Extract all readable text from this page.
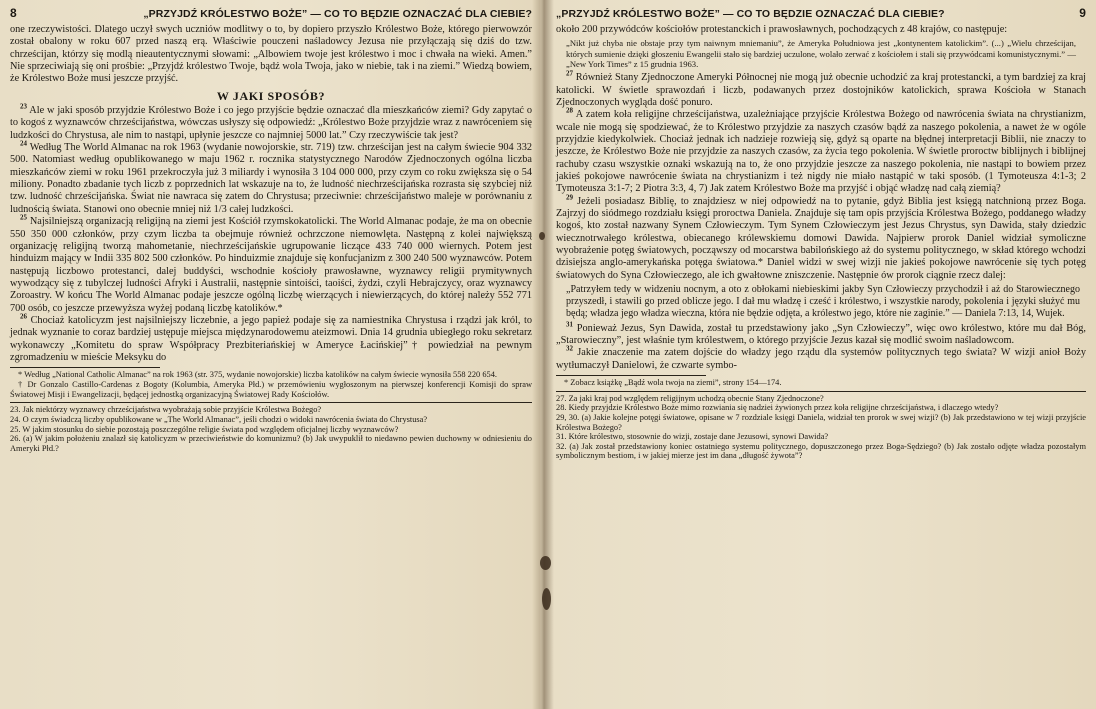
8	„PRZYJDŹ KRÓLESTWO BOŻE” — CO TO BĘDZIE OZNACZAĆ DLA CIEBIE?

one rzeczywistości. Dlatego uczył swych uczniów modlitwy o to, by dopiero przyszło Królestwo Boże, którego pierwowzór został obalony w roku 607 przed naszą erą. Właściwie pouczeni naśladowcy Jezusa nie przyłączają się dziś do tzw. chrześcijan, którzy się modlą nieautentycznymi słowami: „Albowiem twoje jest królestwo i moc i chwała na wieki. Amen.” Nie sprzeciwiają się oni prośbie: „Przyjdź królestwo Twoje, bądź wola Twoja, jako w niebie, tak i na ziemi.” Wiedzą bowiem, że Królestwo Boże musi jeszcze przyjść.

W JAKI SPOSÓB?

$^{23}$ Ale w jaki sposób przyjdzie Królestwo Boże i co jego przyjście będzie oznaczać dla mieszkańców ziemi? Gdy zapytać o to kogoś z wyznawców chrześcijaństwa, wówczas usłyszy się odpowiedź: „Królestwo Boże przyjdzie wraz z nawróceniem się ludzkości do Chrystusa, ale nim to nastąpi, upłynie jeszcze co najmniej 5000 lat.” Czy rzeczywiście tak jest?

$^{24}$ Według The World Almanac na rok 1963 (wydanie nowojorskie, str. 719) tzw. chrześcijan jest na całym świecie 904 332 500. Natomiast według opublikowanego w maju 1962 r. rocznika statystycznego Narodów Zjednoczonych ogólna liczba mieszkańców ziemi w roku 1961 przekroczyła już 3 miliardy i wynosiła 3 104 000 000, przy czym co roku zwiększa się o 54 miliony. Ponadto zbadanie tych liczb z poprzednich lat wskazuje na to, że ludność niechrześcijańska rozrasta się szybciej niż tzw. ludność chrześcijańska. Świat nie nawraca się zatem do Chrystusa; przeciwnie: chrześcijaństwo maleje w porównaniu z ludnością świata. Stanowi ono obecnie mniej niż 1/3 całej ludzkości.

$^{25}$ Najsilniejszą organizacją religijną na ziemi jest Kościół rzymskokatolicki. The World Almanac podaje, że ma on obecnie 550 350 000 członków, przy czym liczba ta obejmuje również ochrzczone niemowlęta. Następną z kolei największą organizację religijną tworzą mahometanie, niechrześcijańskie ugrupowanie liczące 433 740 000 wiernych. Potem jest hinduizm mający w Indii 335 802 500 członków. Po hinduizmie znajduje się konfucjanizm z 300 240 500 wyznawców. Potem następują liczbowo protestanci, dalej buddyści, wschodnie kościoły prawosławne, wyznawcy religii prymitywnych wywodzący się z tubylczej ludności Afryki i Australii, następnie sintoiści, taoiści, żydzi, czyli Hebrajczycy, oraz wyznawcy Zoroastry. W końcu The World Almanac podaje jeszcze ogólną liczbę wierzących i niewierzących, do której należy 552 771 700 osób, co jeszcze przewyższa wyżej podaną liczbę katolików.*

$^{26}$ Chociaż katolicyzm jest najsilniejszy liczebnie, a jego papież podaje się za namiestnika Chrystusa i rządzi jak król, to jednak wyznanie to coraz bardziej ustępuje miejsca międzynarodowemu ateizmowi. Dnia 14 grudnia ubiegłego roku sekretarz wykonawczy „Komitetu do spraw Współpracy Prezbiteriańskiej w Ameryce Łacińskiej”† powiedział na pewnym zgromadzeniu w mieście Meksyku do

* Według „National Catholic Almanac” na rok 1963 (str. 375, wydanie nowojorskie) liczba katolików na całym świecie wynosiła 558 220 654.

† Dr Gonzalo Castillo-Cardenas z Bogoty (Kolumbia, Ameryka Płd.) w przemówieniu wygłoszonym na pierwszej konferencji Komisji do spraw Światowej Misji i Ewangelizacji, będącej jednostką organizacyjną Światowej Rady Kościołów.

23. Jak niektórzy wyznawcy chrześcijaństwa wyobrażają sobie przyjście Królestwa Bożego?

24. O czym świadczą liczby opublikowane w „The World Almanac”, jeśli chodzi o widoki nawrócenia świata do Chrystusa?

25. W jakim stosunku do siebie pozostają poszczególne religie świata pod względem oficjalnej liczby wyznawców?

26. (a) W jakim położeniu znalazł się katolicyzm w przeciwieństwie do komunizmu? (b) Jak uwypuklił to niedawno pewien duchowny w odniesieniu do Ameryki Płd.?

„PRZYJDŹ KRÓLESTWO BOŻE” — CO TO BĘDZIE OZNACZAĆ DLA CIEBIE?	9

około 200 przywódców kościołów protestanckich i prawosławnych, pochodzących z 48 krajów, co następuje:

„Nikt już chyba nie obstaje przy tym naiwnym mniemaniu”, że Ameryka Południowa jest „kontynentem katolickim”. (...) „Wielu chrześcijan, których sumienie dzięki głoszeniu Ewangelii stało się bardziej uczulone, wolało zerwać z kościołem i stali się przywódcami komunistycznymi.” — „New York Times” z 15 grudnia 1963.

$^{27}$ Również Stany Zjednoczone Ameryki Północnej nie mogą już obecnie uchodzić za kraj protestancki, a tym bardziej za kraj katolicki. W świetle sprawozdań i liczb, podawanych przez dostojników katolickich, sprawa Kościoła w Stanach Zjednoczonych wygląda dość ponuro.

$^{28}$ A zatem koła religijne chrześcijaństwa, uzależniające przyjście Królestwa Bożego od nawrócenia świata na chrystianizm, wcale nie mogą się spodziewać, że to Królestwo przyjdzie za naszych czasów bądź za naszego pokolenia, a nawet że w ogóle przyjdzie kiedykolwiek. Chociaż jednak ich nadzieje rozwieją się, gdyż są oparte na błędnej interpretacji Biblii, nie znaczy to jeszcze, że Królestwo Boże nie przyjdzie za naszych czasów, za życia tego pokolenia. W świetle proroctw biblijnych i biblijnej rachuby czasu wszystkie oznaki wskazują na to, że ono przyjdzie jeszcze za naszego pokolenia, nie nastąpi to bowiem przez jakieś pokojowe nawrócenie świata na chrystianizm i też nigdy nie miało nastąpić w taki sposób. (1 Tymoteusza 4:1-3; 2 Tymoteusza 3:1-7; 2 Piotra 3:3, 4, 7) Jak zatem Królestwo Boże ma przyjść i objąć władzę nad całą ziemią?

$^{29}$ Jeżeli posiadasz Biblię, to znajdziesz w niej odpowiedź na to pytanie, gdyż Biblia jest księgą natchnioną przez Boga. Zajrzyj do siódmego rozdziału księgi proroctwa Daniela. Znajduje się tam opis przyjścia Królestwa Bożego, poddanego władzy kogoś, kto został nazwany Synem Człowieczym. Tym Synem Człowieczym jest Jezus Chrystus, syn Dawida, stały dziedzic wiecznotrwałego królestwa, obiecanego królewskiemu domowi Dawida. Najpierw prorok Daniel widział symoliczne wyobrażenie potęg światowych, począwszy od mocarstwa babilońskiego aż do systemu politycznego, w skład którego wchodzi dzisiejsza anglo-amerykańska potęga światowa.* Daniel widzi w swej wizji nie jakieś pokojowe nawrócenie się tych potęg światowych do Syna Człowieczego, ale ich gwałtowne zniszczenie. Następnie ów prorok ciągnie rzecz dalej:

„Patrzyłem tedy w widzeniu nocnym, a oto z obłokami niebieskimi jakby Syn Człowieczy przychodził i aż do Starowiecznego przyszedł, i stawili go przed oblicze jego. I dał mu władzę i cześć i królestwo, i wszystkie narody, pokolenia i języki służyć mu będą; władza jego władza wieczna, która nie będzie odjęta, a królestwo jego, które nie zaginie.” — Daniela 7:13, 14, Wujek.

$^{31}$ Ponieważ Jezus, Syn Dawida, został tu przedstawiony jako „Syn Człowieczy”, więc owo królestwo, które mu dał Bóg, „Starowieczny”, jest właśnie tym królestwem, o którego przyjście Jezus kazał się modlić swoim naśladowcom.

$^{32}$ Jakie znaczenie ma zatem dojście do władzy jego rządu dla systemów politycznych tego świata? W wizji anioł Boży wytłumaczył Danielowi, że czwarte symbo-

* Zobacz książkę „Bądź wola twoja na ziemi”, strony 154—174.

27. Za jaki kraj pod względem religijnym uchodzą obecnie Stany Zjednoczone?

28. Kiedy przyjdzie Królestwo Boże mimo rozwiania się nadziei żywionych przez koła religijne chrześcijaństwa, i dlaczego wtedy?

29, 30. (a) Jakie kolejne potęgi światowe, opisane w 7 rozdziale księgi Daniela, widział ten prorok w swej wizji? (b) Jak przedstawiono w tej wizji przyjście Królestwa Bożego?

31. Które królestwo, stosownie do wizji, zostaje dane Jezusowi, synowi Dawida?

32. (a) Jak został przedstawiony koniec ostatniego systemu politycznego, dopuszczonego przez Boga-Sędziego? (b) Jak zostało odjęte władza pozostałym symbolicznym bestiom, i w jakiej mierze jest im dana „długość żywota”?
